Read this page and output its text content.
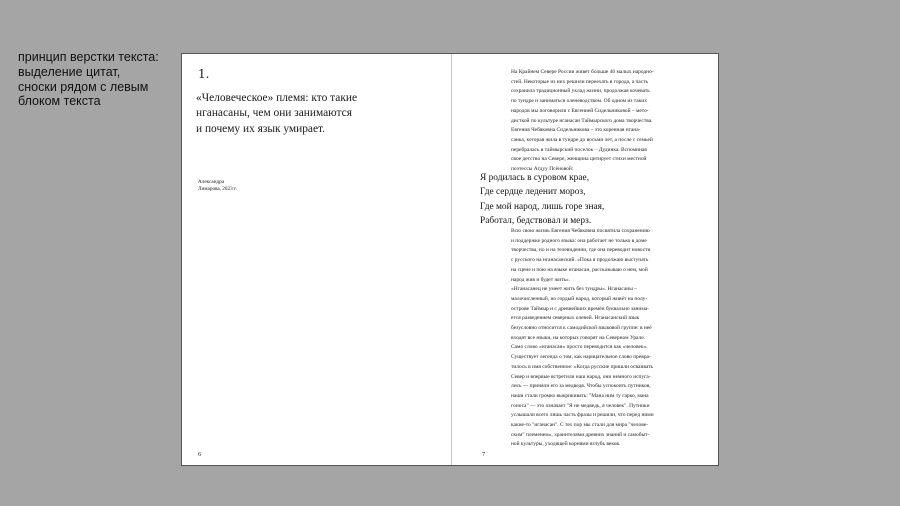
принцип верстки текста:
выделение цитат,
сноски рядом с левым
блоком текста
1.
«Человеческое» племя: кто такие
нганасаны, чем они занимаются
и почему их язык умирает.
Александра
Лимарова, 2023 г.
6
На Крайнем Севере России живет больше 40 малых народно-
стей. Некоторые из них решили переехать в города, а часть
сохранила традиционный уклад жизни, продолжая кочевать
по тундре и заниматься оленеводством. Об одном из таких
народов мы поговорили с Евгенией Сидельниковой – мето-
дисткой по культуре нганасан Таймырского дома творчества.
Евгения Чебяковна Сидельникова – это коренная нгана-
санка, которая жила в тундре до восьми лет, а после с семьей
перебралась в таймырский поселок – Дудинка. Вспоминая
свое детство на Севере, женщина цитирует стихи местной
поэтессы Агдуу Псёновой:
Я родилась в суровом крае,
Где сердце леденит мороз,
Где мой народ, лишь горе зная,
Работал, бедствовал и мерз.
Всю свою жизнь Евгения Чебяковна посвятила сохранению
и поддержке родного языка: она работает не только в доме
творчества, но и на телевидении, где она переводит новости
с русского на нганасанский. «Пока я продолжаю выступать
на сцене и пою на языке нганасан, рассказываю о нем, мой
народ жив и будет жить».
«Нганасанец не умеет жить без тундры». Нганасаны –
малочисленный, но гордый народ, который живёт на полу-
острове Таймыр и с древнейших времён буквально занима-
ется разведением северных оленей. Нганасанский язык
безусловно относится к самодийской языковой группе: в неё
входят все языки, на которых говорят на Северном Урале.
Само слово «нганасан» просто переводится как «человек».
Существует легенда о том, как нарицательное слово превра-
тилось в имя собственное: «Когда русские пришли осваивать
Север и впервые встретили наш народ, они немного испуга-
лись — приняли его за медведя. Чтобы успокоить путников,
наши стали громко выкрикивать: "Мана ним ту гарко, мана
гоноса" — это означает "Я не медведь, я человек". Путники
услышали всего лишь часть фразы и решили, что перед ними
какие-то "нганасан". С тех пор мы стали для мира "челове-
ским" племенем», хранителями древних знаний и самобыт-
ной культуры, уходящей корнями вглубь веков.
7
